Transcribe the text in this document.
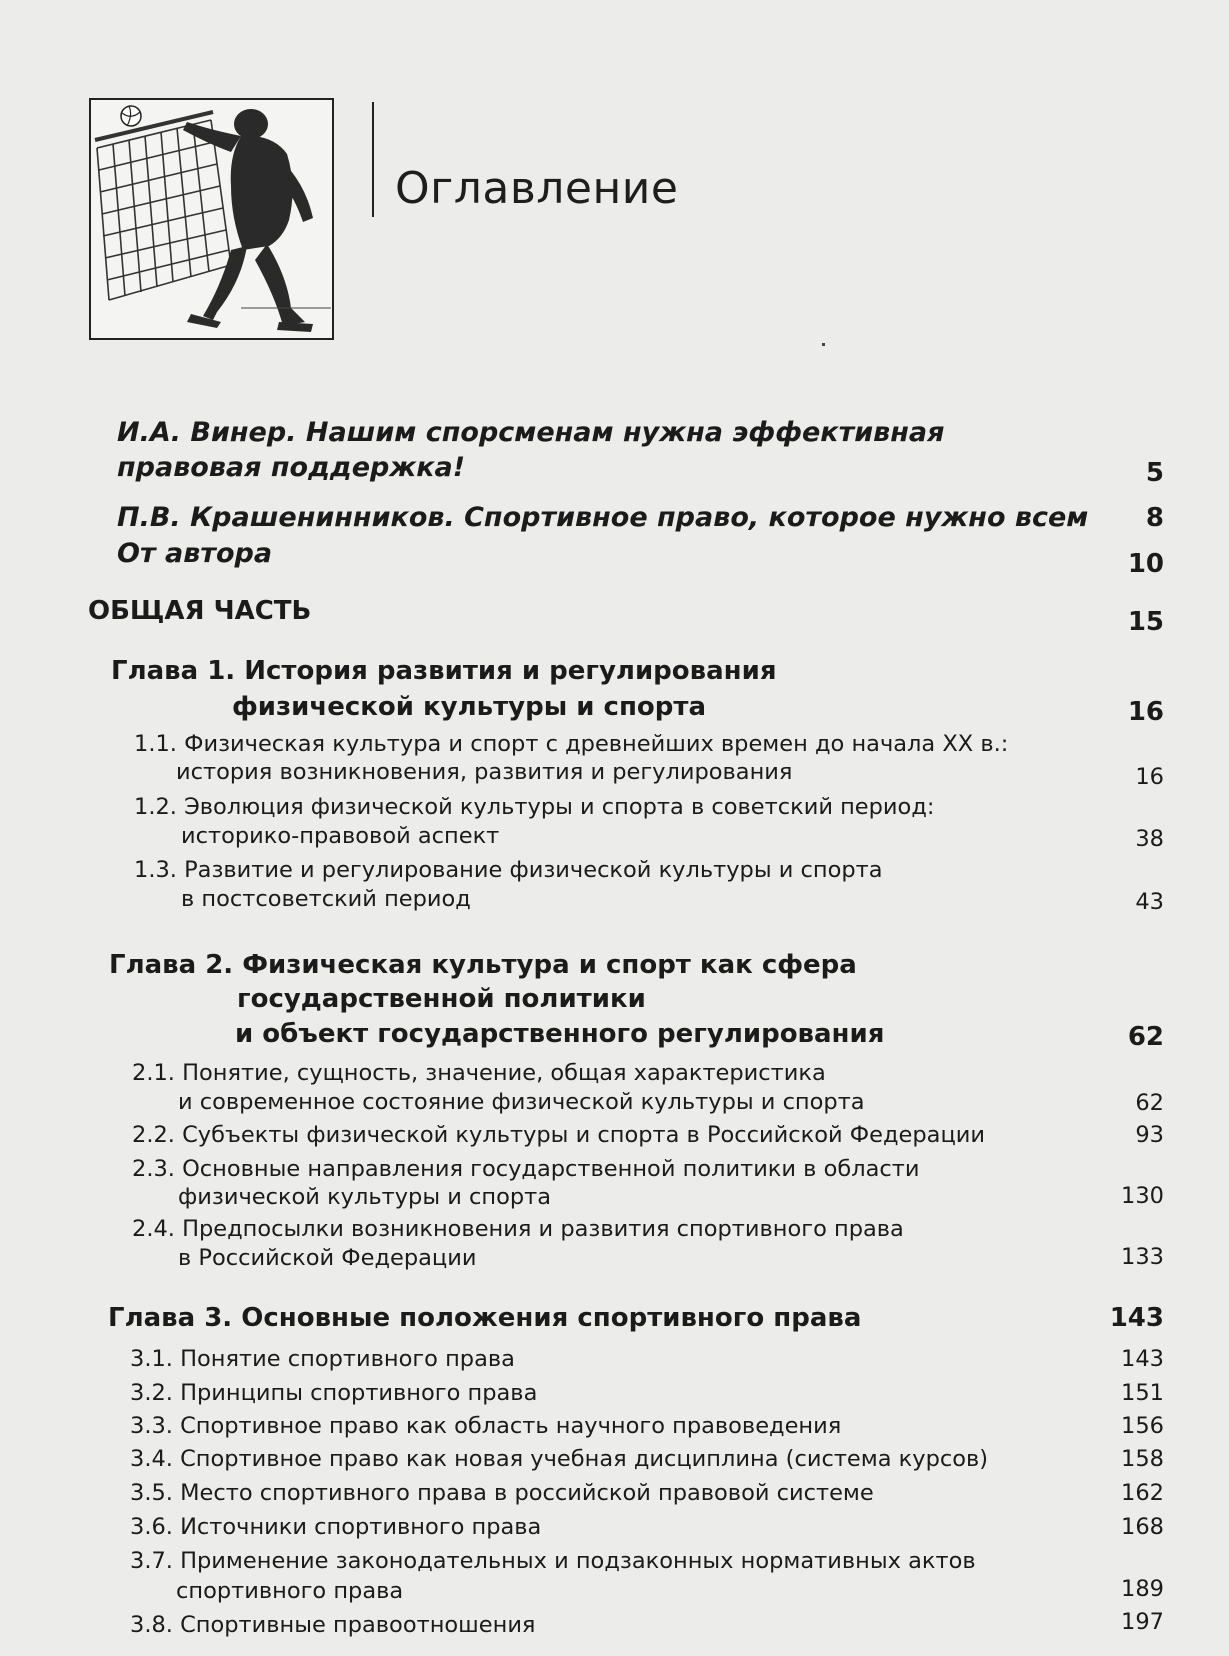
Оглавление
И.А. Винер. Нашим спорсменам нужна эффективная
правовая поддержка!	5
П.В. Крашенинников. Спортивное право, которое нужно всем 8
От автора	10
ОБЩАЯ ЧАСТЬ	15
Глава 1. История развития и регулирования
физической культуры и спорта	16
1.1. Физическая культура и спорт с древнейших времен до начала XX в.:
история возникновения, развития и регулирования	16
1.2. Эволюция физической культуры и спорта в советский период:
историко-правовой аспект	38
1.3. Развитие и регулирование физической культуры и спорта
в постсоветский период	43
Глава 2. Физическая культура и спорт как сфера
государственной политики
и объект государственного регулирования	62
2.1. Понятие, сущность, значение, общая характеристика
и современное состояние физической культуры и спорта	62
2.2. Субъекты физической культуры и спорта в Российской Федерации	93
2.3. Основные направления государственной политики в области
физической культуры и спорта	130
2.4. Предпосылки возникновения и развития спортивного права
в Российской Федерации	133
Глава 3. Основные положения спортивного права	143
3.1. Понятие спортивного права	143
3.2. Принципы спортивного права	151
3.3. Спортивное право как область научного правоведения	156
3.4. Спортивное право как новая учебная дисциплина (система курсов)	158
3.5. Место спортивного права в российской правовой системе	162
3.6. Источники спортивного права	168
3.7. Применение законодательных и подзаконных нормативных актов
спортивного права	189
3.8. Спортивные правоотношения	197
